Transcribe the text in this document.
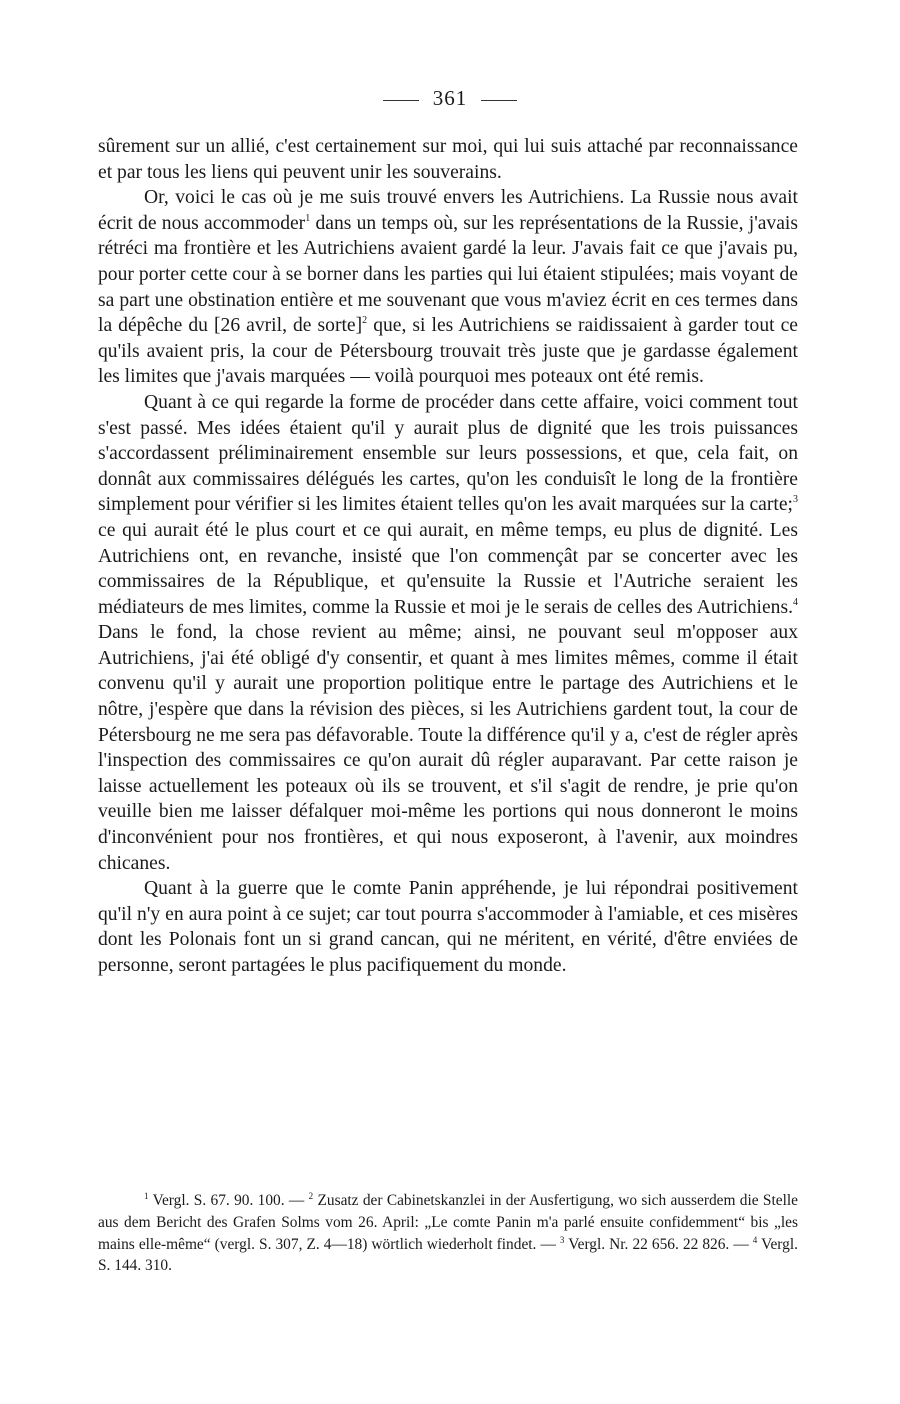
361

sûrement sur un allié, c'est certainement sur moi, qui lui suis attaché par reconnaissance et par tous les liens qui peuvent unir les souverains.

Or, voici le cas où je me suis trouvé envers les Autrichiens. La Russie nous avait écrit de nous accommoder$^1$ dans un temps où, sur les représentations de la Russie, j'avais rétréci ma frontière et les Autrichiens avaient gardé la leur. J'avais fait ce que j'avais pu, pour porter cette cour à se borner dans les parties qui lui étaient stipulées; mais voyant de sa part une obstination entière et me souvenant que vous m'aviez écrit en ces termes dans la dépêche du [26 avril, de sorte]$^2$ que, si les Autrichiens se raidissaient à garder tout ce qu'ils avaient pris, la cour de Pétersbourg trouvait très juste que je gardasse également les limites que j'avais marquées — voilà pourquoi mes poteaux ont été remis.

Quant à ce qui regarde la forme de procéder dans cette affaire, voici comment tout s'est passé. Mes idées étaient qu'il y aurait plus de dignité que les trois puissances s'accordassent préliminairement ensemble sur leurs possessions, et que, cela fait, on donnât aux commissaires délégués les cartes, qu'on les conduisît le long de la frontière simplement pour vérifier si les limites étaient telles qu'on les avait marquées sur la carte;$^3$ ce qui aurait été le plus court et ce qui aurait, en même temps, eu plus de dignité. Les Autrichiens ont, en revanche, insisté que l'on commençât par se concerter avec les commissaires de la République, et qu'ensuite la Russie et l'Autriche seraient les médiateurs de mes limites, comme la Russie et moi je le serais de celles des Autrichiens.$^4$ Dans le fond, la chose revient au même; ainsi, ne pouvant seul m'opposer aux Autrichiens, j'ai été obligé d'y consentir, et quant à mes limites mêmes, comme il était convenu qu'il y aurait une proportion politique entre le partage des Autrichiens et le nôtre, j'espère que dans la révision des pièces, si les Autrichiens gardent tout, la cour de Pétersbourg ne me sera pas défavorable. Toute la différence qu'il y a, c'est de régler après l'inspection des commissaires ce qu'on aurait dû régler auparavant. Par cette raison je laisse actuellement les poteaux où ils se trouvent, et s'il s'agit de rendre, je prie qu'on veuille bien me laisser défalquer moi-même les portions qui nous donneront le moins d'inconvénient pour nos frontières, et qui nous exposeront, à l'avenir, aux moindres chicanes.

Quant à la guerre que le comte Panin appréhende, je lui répondrai positivement qu'il n'y en aura point à ce sujet; car tout pourra s'accommoder à l'amiable, et ces misères dont les Polonais font un si grand cancan, qui ne méritent, en vérité, d'être enviées de personne, seront partagées le plus pacifiquement du monde.

$^1$ Vergl. S. 67. 90. 100. — $^2$ Zusatz der Cabinetskanzlei in der Ausfertigung, wo sich ausserdem die Stelle aus dem Bericht des Grafen Solms vom 26. April: „Le comte Panin m'a parlé ensuite confidemment“ bis „les mains elle-même“ (vergl. S. 307, Z. 4—18) wörtlich wiederholt findet. — $^3$ Vergl. Nr. 22 656. 22 826. — $^4$ Vergl. S. 144. 310.
